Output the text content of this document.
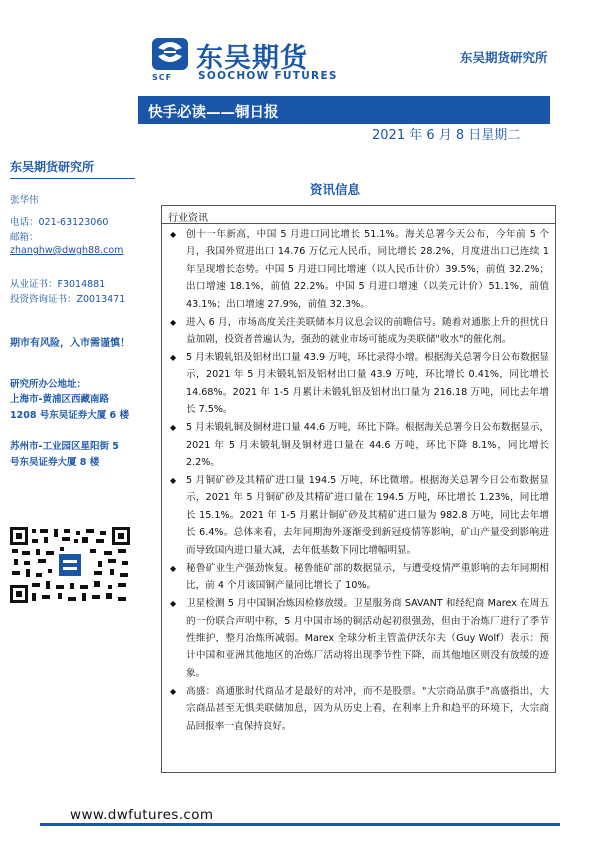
SCF
东吴期货
SOOCHOW FUTURES
东吴期货研究所
快手必读——铜日报
2021 年 6 月 8 日星期二
东吴期货研究所
张华伟
电话：021-63123060
邮箱：
zhanghw@dwgh88.com
从业证书：F3014881
投资咨询证书：Z0013471
期市有风险，入市需谨慎！
研究所办公地址：
上海市-黄浦区西藏南路
1208 号东吴证券大厦 6 楼
苏州市-工业园区星阳街 5
号东吴证券大厦 8 楼
资讯信息
行业资讯
◆ 创十一年新高，中国 5 月进口同比增长 51.1%。海关总署今天公布，今年前 5 个月，我国外贸进出口 14.76 万亿元人民币，同比增长 28.2%，月度进出口已连续 1 年呈现增长态势。中国 5 月进口同比增速（以人民币计价）39.5%，前值 32.2%；出口增速 18.1%，前值 22.2%。中国 5 月进口增速（以美元计价）51.1%，前值 43.1%；出口增速 27.9%，前值 32.3%。
◆ 进入 6 月，市场高度关注美联储本月议息会议的前瞻信号。随着对通胀上升的担忧日益加剧，投资者普遍认为，强劲的就业市场可能成为美联储"收水"的催化剂。
◆ 5 月未锻轧铝及铝材出口量 43.9 万吨，环比录得小增。根据海关总署今日公布数据显示，2021 年 5 月未锻轧铝及铝材出口量 43.9 万吨，环比增长 0.41%，同比增长 14.68%。2021 年 1-5 月累计未锻轧铝及铝材出口量为 216.18 万吨，同比去年增长 7.5%。
◆ 5 月未锻轧铜及铜材进口量 44.6 万吨，环比下降。根据海关总署今日公布数据显示，2021 年 5 月未锻轧铜及铜材进口量在 44.6 万吨，环比下降 8.1%，同比增长 2.2%。
◆ 5 月铜矿砂及其精矿进口量 194.5 万吨，环比微增。根据海关总署今日公布数据显示，2021 年 5 月铜矿砂及其精矿进口量在 194.5 万吨，环比增长 1.23%，同比增长 15.1%。2021 年 1-5 月累计铜矿砂及其精矿进口量为 982.8 万吨，同比去年增长 6.4%。总体来看，去年同期海外逐渐受到新冠疫情等影响，矿山产量受到影响进而导致国内进口量大减，去年低基数下同比增幅明显。
◆ 秘鲁矿业生产强劲恢复。秘鲁能矿部的数据显示，与遭受疫情严重影响的去年同期相比，前 4 个月该国铜产量同比增长了 10%。
◆ 卫星检测 5 月中国铜冶炼因检修放缓。卫星服务商 SAVANT 和经纪商 Marex 在周五的一份联合声明中称，5 月中国市场的铜活动起初很强劲，但由于冶炼厂进行了季节性维护，整月冶炼所减弱。Marex 全球分析主管盖伊沃尔夫（Guy Wolf）表示：预计中国和亚洲其他地区的冶炼厂活动将出现季节性下降，而其他地区则没有放缓的迹象。
◆ 高盛：高通胀时代商品才是最好的对冲，而不是股票。"大宗商品旗手"高盛指出，大宗商品甚至无惧美联储加息，因为从历史上看，在利率上升和趋平的环境下，大宗商品回报率一直保持良好。
www.dwfutures.com
